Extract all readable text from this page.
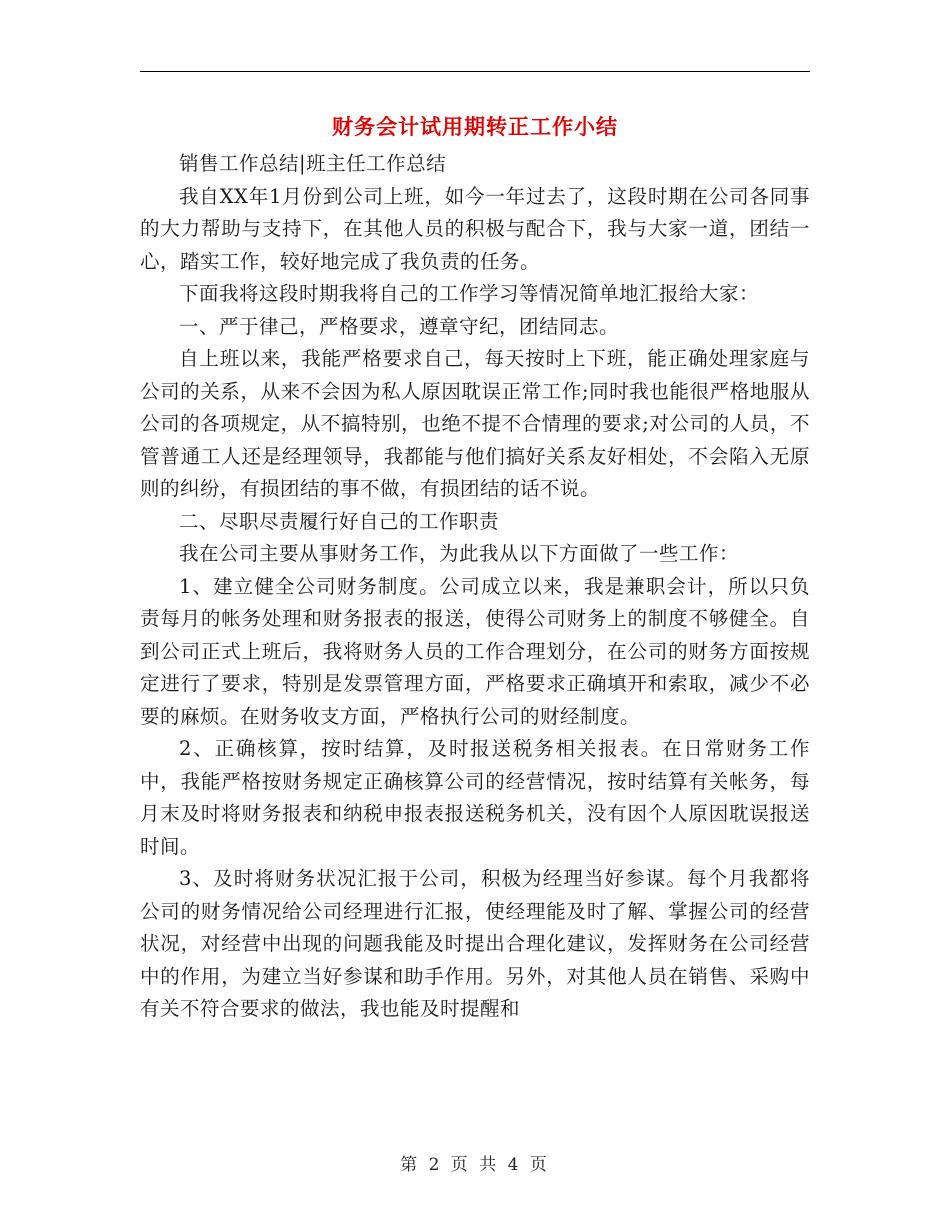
财务会计试用期转正工作小结

销售工作总结|班主任工作总结

我自XX年1月份到公司上班，如今一年过去了，这段时期在公司各同事的大力帮助与支持下，在其他人员的积极与配合下，我与大家一道，团结一心，踏实工作，较好地完成了我负责的任务。

下面我将这段时期我将自己的工作学习等情况简单地汇报给大家：

一、严于律己，严格要求，遵章守纪，团结同志。

自上班以来，我能严格要求自己，每天按时上下班，能正确处理家庭与公司的关系，从来不会因为私人原因耽误正常工作;同时我也能很严格地服从公司的各项规定，从不搞特别，也绝不提不合情理的要求;对公司的人员，不管普通工人还是经理领导，我都能与他们搞好关系友好相处，不会陷入无原则的纠纷，有损团结的事不做，有损团结的话不说。

二、尽职尽责履行好自己的工作职责

我在公司主要从事财务工作，为此我从以下方面做了一些工作：

1、建立健全公司财务制度。公司成立以来，我是兼职会计，所以只负责每月的帐务处理和财务报表的报送，使得公司财务上的制度不够健全。自到公司正式上班后，我将财务人员的工作合理划分，在公司的财务方面按规定进行了要求，特别是发票管理方面，严格要求正确填开和索取，减少不必要的麻烦。在财务收支方面，严格执行公司的财经制度。

2、正确核算，按时结算，及时报送税务相关报表。在日常财务工作中，我能严格按财务规定正确核算公司的经营情况，按时结算有关帐务，每月末及时将财务报表和纳税申报表报送税务机关，没有因个人原因耽误报送时间。

3、及时将财务状况汇报于公司，积极为经理当好参谋。每个月我都将公司的财务情况给公司经理进行汇报，使经理能及时了解、掌握公司的经营状况，对经营中出现的问题我能及时提出合理化建议，发挥财务在公司经营中的作用，为建立当好参谋和助手作用。另外，对其他人员在销售、采购中有关不符合要求的做法，我也能及时提醒和

第 2 页 共 4 页
